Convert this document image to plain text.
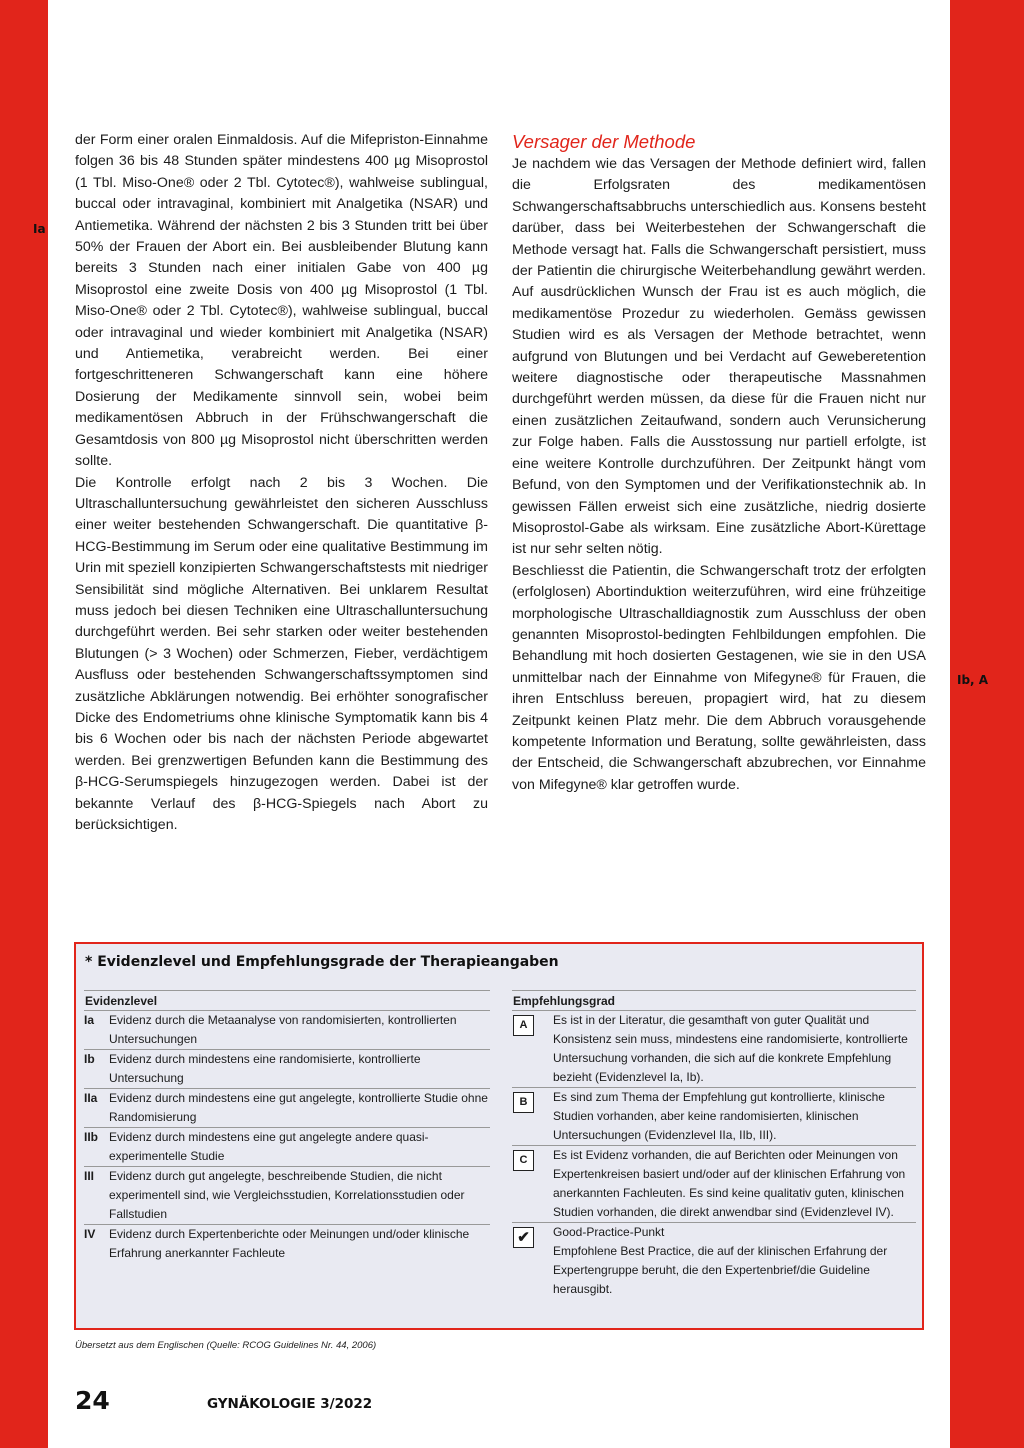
Ia
Ib, A

der Form einer oralen Einmaldosis. Auf die Mifepriston-Einnahme folgen 36 bis 48 Stunden später mindestens 400 µg Misoprostol (1 Tbl. Miso-One® oder 2 Tbl. Cytotec®), wahlweise sublingual, buccal oder intravaginal, kombiniert mit Analgetika (NSAR) und Antiemetika. Während der nächsten 2 bis 3 Stunden tritt bei über 50% der Frauen der Abort ein. Bei ausbleibender Blutung kann bereits 3 Stunden nach einer initialen Gabe von 400 µg Misoprostol eine zweite Dosis von 400 µg Misoprostol (1 Tbl. Miso-One® oder 2 Tbl. Cytotec®), wahlweise sublingual, buccal oder intravaginal und wieder kombiniert mit Analgetika (NSAR) und Antiemetika, verabreicht werden. Bei einer fortgeschritteneren Schwangerschaft kann eine höhere Dosierung der Medikamente sinnvoll sein, wobei beim medikamentösen Abbruch in der Frühschwangerschaft die Gesamtdosis von 800 µg Misoprostol nicht überschritten werden sollte.

Die Kontrolle erfolgt nach 2 bis 3 Wochen. Die Ultraschalluntersuchung gewährleistet den sicheren Ausschluss einer weiter bestehenden Schwangerschaft. Die quantitative β-HCG-Bestimmung im Serum oder eine qualitative Bestimmung im Urin mit speziell konzipierten Schwangerschaftstests mit niedriger Sensibilität sind mögliche Alternativen. Bei unklarem Resultat muss jedoch bei diesen Techniken eine Ultraschalluntersuchung durchgeführt werden. Bei sehr starken oder weiter bestehenden Blutungen (> 3 Wochen) oder Schmerzen, Fieber, verdächtigem Ausfluss oder bestehenden Schwangerschaftssymptomen sind zusätzliche Abklärungen notwendig. Bei erhöhter sonografischer Dicke des Endometriums ohne klinische Symptomatik kann bis 4 bis 6 Wochen oder bis nach der nächsten Periode abgewartet werden. Bei grenzwertigen Befunden kann die Bestimmung des β-HCG-Serumspiegels hinzugezogen werden. Dabei ist der bekannte Verlauf des β-HCG-Spiegels nach Abort zu berücksichtigen.

Versager der Methode

Je nachdem wie das Versagen der Methode definiert wird, fallen die Erfolgsraten des medikamentösen Schwangerschaftsabbruchs unterschiedlich aus. Konsens besteht darüber, dass bei Weiterbestehen der Schwangerschaft die Methode versagt hat. Falls die Schwangerschaft persistiert, muss der Patientin die chirurgische Weiterbehandlung gewährt werden. Auf ausdrücklichen Wunsch der Frau ist es auch möglich, die medikamentöse Prozedur zu wiederholen. Gemäss gewissen Studien wird es als Versagen der Methode betrachtet, wenn aufgrund von Blutungen und bei Verdacht auf Geweberetention weitere diagnostische oder therapeutische Massnahmen durchgeführt werden müssen, da diese für die Frauen nicht nur einen zusätzlichen Zeitaufwand, sondern auch Verunsicherung zur Folge haben. Falls die Ausstossung nur partiell erfolgte, ist eine weitere Kontrolle durchzuführen. Der Zeitpunkt hängt vom Befund, von den Symptomen und der Verifikationstechnik ab. In gewissen Fällen erweist sich eine zusätzliche, niedrig dosierte Misoprostol-Gabe als wirksam. Eine zusätzliche Abort-Kürettage ist nur sehr selten nötig.

Beschliesst die Patientin, die Schwangerschaft trotz der erfolgten (erfolglosen) Abortinduktion weiterzuführen, wird eine frühzeitige morphologische Ultraschalldiagnostik zum Ausschluss der oben genannten Misoprostol-bedingten Fehlbildungen empfohlen. Die Behandlung mit hoch dosierten Gestagenen, wie sie in den USA unmittelbar nach der Einnahme von Mifegyne® für Frauen, die ihren Entschluss bereuen, propagiert wird, hat zu diesem Zeitpunkt keinen Platz mehr. Die dem Abbruch vorausgehende kompetente Information und Beratung, sollte gewährleisten, dass der Entscheid, die Schwangerschaft abzubrechen, vor Einnahme von Mifegyne® klar getroffen wurde.

* Evidenzlevel und Empfehlungsgrade der Therapieangaben
Evidenzlevel
Ia	Evidenz durch die Metaanalyse von randomisierten, kontrollierten Untersuchungen
Ib	Evidenz durch mindestens eine randomisierte, kontrollierte Untersuchung
IIa Evidenz durch mindestens eine gut angelegte, kontrollierte Studie ohne Randomisierung
IIb Evidenz durch mindestens eine gut angelegte andere quasi-experimentelle Studie
III	Evidenz durch gut angelegte, beschreibende Studien, die nicht experimentell sind, wie Vergleichsstudien, Korrelationsstudien oder Fallstudien
IV	Evidenz durch Expertenberichte oder Meinungen und/oder klinische Erfahrung anerkannter Fachleute
Empfehlungsgrad
A	Es ist in der Literatur, die gesamthaft von guter Qualität und Konsistenz sein muss, mindestens eine randomisierte, kontrollierte Untersuchung vorhanden, die sich auf die konkrete Empfehlung bezieht (Evidenzlevel Ia, Ib).
B	Es sind zum Thema der Empfehlung gut kontrollierte, klinische Studien vorhanden, aber keine randomisierten, klinischen Untersuchungen (Evidenzlevel IIa, IIb, III).
C	Es ist Evidenz vorhanden, die auf Berichten oder Meinungen von Expertenkreisen basiert und/oder auf der klinischen Erfahrung von anerkannten Fachleuten. Es sind keine qualitativ guten, klinischen Studien vorhanden, die direkt anwendbar sind (Evidenzlevel IV).
✔	Good-Practice-Punkt
Empfohlene Best Practice, die auf der klinischen Erfahrung der Expertengruppe beruht, die den Expertenbrief/die Guideline herausgibt.
Übersetzt aus dem Englischen (Quelle: RCOG Guidelines Nr. 44, 2006)
24	GYNÄKOLOGIE 3/2022
